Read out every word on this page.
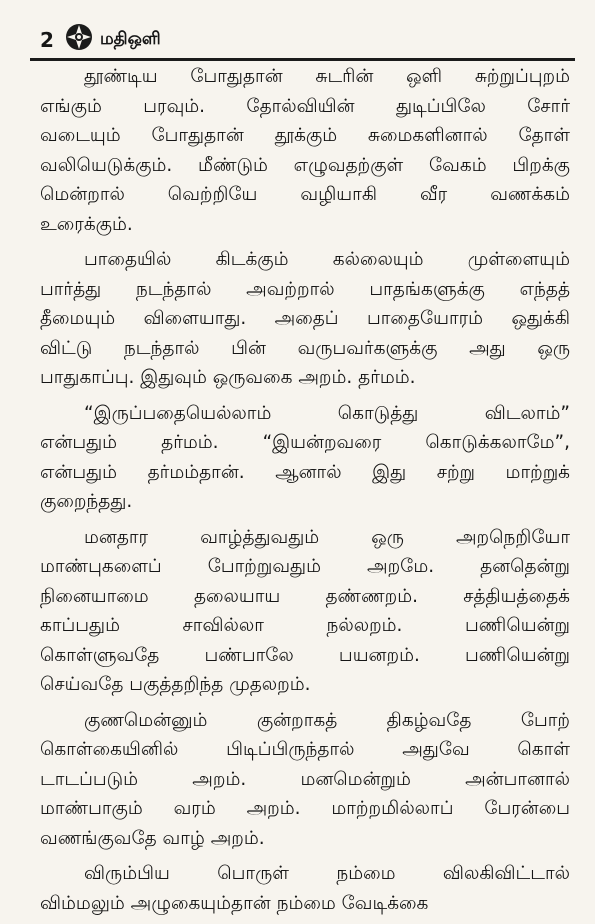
2	மதிஒளி
தூண்டிய போதுதான் சுடரின் ஒளி சுற்றுப்புறம்
எங்கும் பரவும். தோல்வியின் துடிப்பிலே சோர்
வடையும் போதுதான் தூக்கும் சுமைகளினால் தோள்
வலியெடுக்கும். மீண்டும் எழுவதற்குள் வேகம் பிறக்கு
மென்றால் வெற்றியே வழியாகி வீர வணக்கம்
உரைக்கும்.
பாதையில் கிடக்கும் கல்லையும் முள்ளையும்
பார்த்து நடந்தால் அவற்றால் பாதங்களுக்கு எந்தத்
தீமையும் விளையாது. அதைப் பாதையோரம் ஒதுக்கி
விட்டு நடந்தால் பின் வருபவர்களுக்கு அது ஒரு
பாதுகாப்பு. இதுவும் ஒருவகை அறம். தர்மம்.
“இருப்பதையெல்லாம் கொடுத்து விடலாம்”
என்பதும் தர்மம். “இயன்றவரை கொடுக்கலாமே”,
என்பதும் தர்மம்தான். ஆனால் இது சற்று மாற்றுக்
குறைந்தது.
மனதார வாழ்த்துவதும் ஒரு அறநெறியோ
மாண்புகளைப் போற்றுவதும் அறமே. தனதென்று
நினையாமை தலையாய தண்ணறம். சத்தியத்தைக்
காப்பதும் சாவில்லா நல்லறம். பணியென்று
கொள்ளுவதே பண்பாலே பயனறம். பணியென்று
செய்வதே பகுத்தறிந்த முதலறம்.
குணமென்னும் குன்றாகத் திகழ்வதே போற்
கொள்கையினில் பிடிப்பிருந்தால் அதுவே கொள்
டாடப்படும் அறம். மனமென்றும் அன்பானால்
மாண்பாகும் வரம் அறம். மாற்றமில்லாப் பேரன்பை
வணங்குவதே வாழ் அறம்.
விரும்பிய பொருள் நம்மை விலகிவிட்டால்
விம்மலும் அழுகையும்தான் நம்மை வேடிக்கை
